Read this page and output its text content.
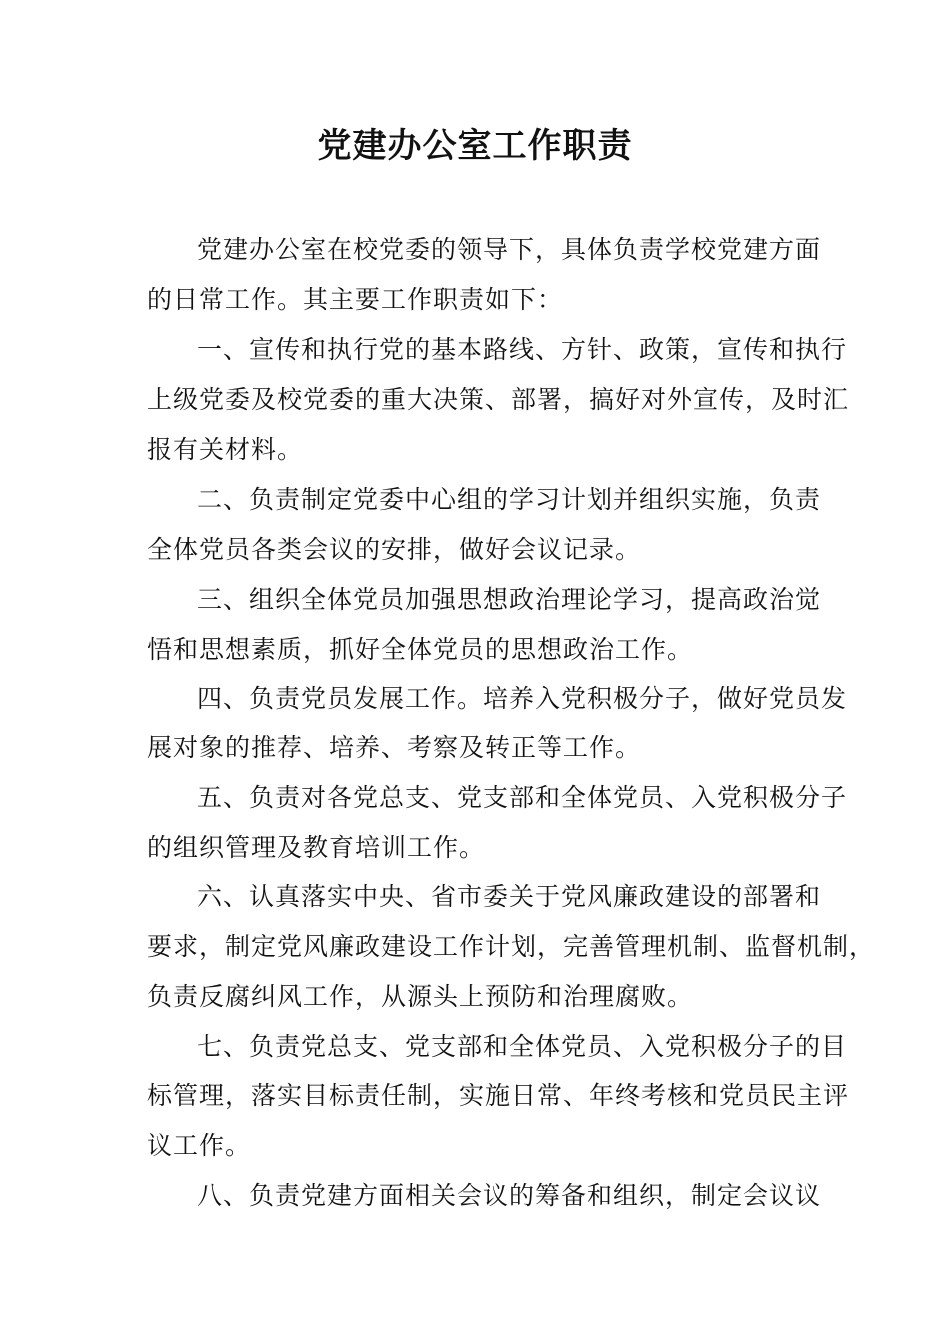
党建办公室工作职责
党建办公室在校党委的领导下，具体负责学校党建方面
的日常工作。其主要工作职责如下：
一、宣传和执行党的基本路线、方针、政策，宣传和执行
上级党委及校党委的重大决策、部署，搞好对外宣传，及时汇
报有关材料。
二、负责制定党委中心组的学习计划并组织实施，负责
全体党员各类会议的安排，做好会议记录。
三、组织全体党员加强思想政治理论学习，提高政治觉
悟和思想素质，抓好全体党员的思想政治工作。
四、负责党员发展工作。培养入党积极分子，做好党员发
展对象的推荐、培养、考察及转正等工作。
五、负责对各党总支、党支部和全体党员、入党积极分子
的组织管理及教育培训工作。
六、认真落实中央、省市委关于党风廉政建设的部署和
要求，制定党风廉政建设工作计划，完善管理机制、监督机制，
负责反腐纠风工作，从源头上预防和治理腐败。
七、负责党总支、党支部和全体党员、入党积极分子的目
标管理，落实目标责任制，实施日常、年终考核和党员民主评
议工作。
八、负责党建方面相关会议的筹备和组织，制定会议议
